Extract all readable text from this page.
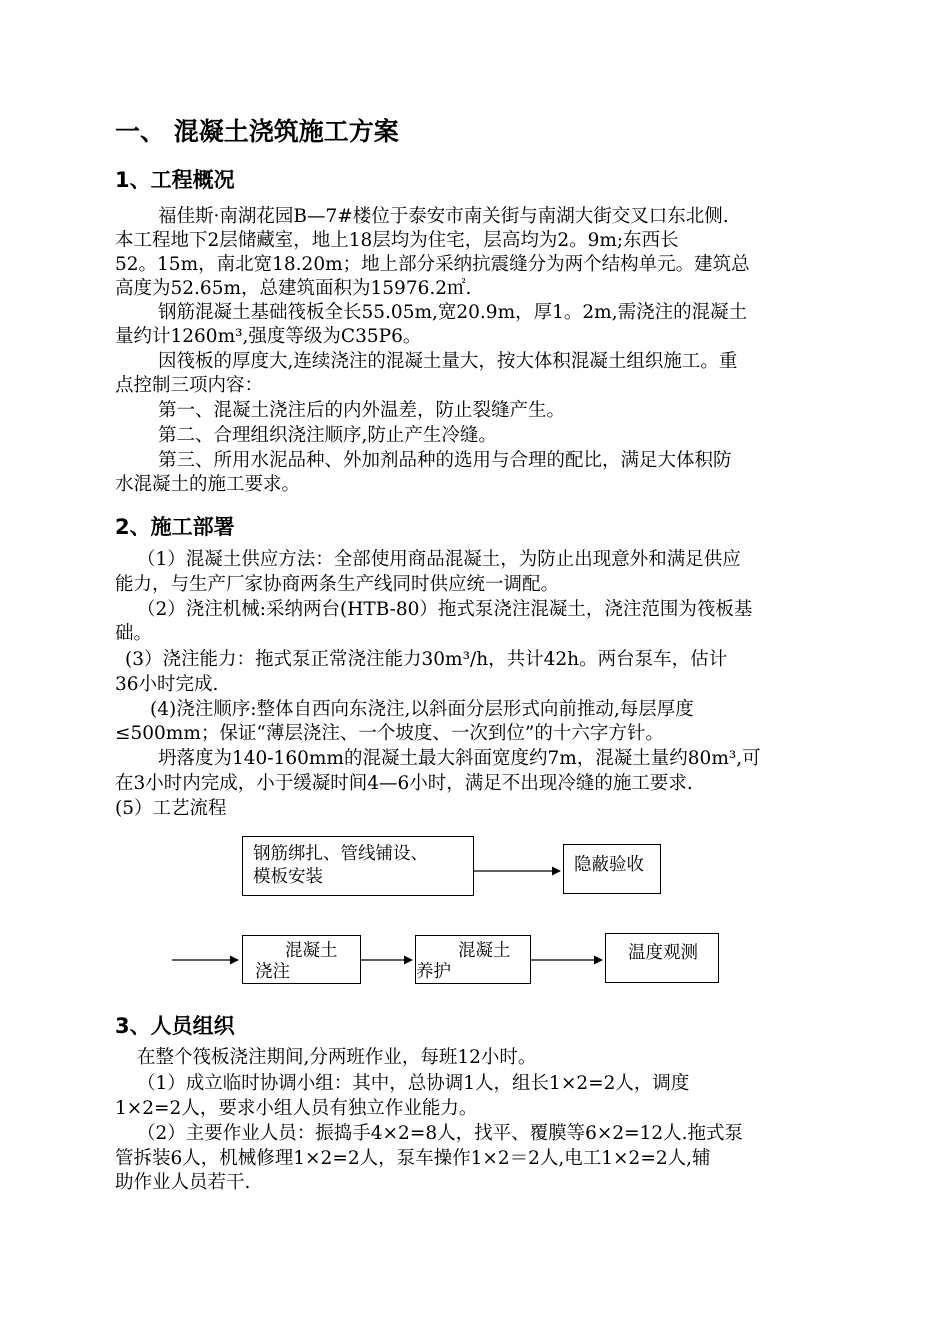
一、 混凝土浇筑施工方案
1、工程概况
福佳斯·南湖花园B—7#楼位于泰安市南关街与南湖大街交叉口东北侧.
本工程地下2层储藏室，地上18层均为住宅，层高均为2。9m;东西长
52。15m，南北宽18.20m；地上部分采纳抗震缝分为两个结构单元。建筑总
高度为52.65m，总建筑面积为15976.2㎡.
钢筋混凝土基础筏板全长55.05m,宽20.9m，厚1。2m,需浇注的混凝土
量约计1260m³,强度等级为C35P6。
因筏板的厚度大,连续浇注的混凝土量大，按大体积混凝土组织施工。重
点控制三项内容：
第一、混凝土浇注后的内外温差，防止裂缝产生。
第二、合理组织浇注顺序,防止产生冷缝。
第三、所用水泥品种、外加剂品种的选用与合理的配比，满足大体积防
水混凝土的施工要求。
2、施工部署
（1）混凝土供应方法：全部使用商品混凝土，为防止出现意外和满足供应
能力，与生产厂家协商两条生产线同时供应统一调配。
（2）浇注机械:采纳两台(HTB-80）拖式泵浇注混凝土，浇注范围为筏板基
础。
(3）浇注能力：拖式泵正常浇注能力30m³/h，共计42h。两台泵车，估计
36小时完成.
(4)浇注顺序:整体自西向东浇注,以斜面分层形式向前推动,每层厚度
≤500mm；保证“薄层浇注、一个坡度、一次到位”的十六字方针。
坍落度为140-160mm的混凝土最大斜面宽度约7m，混凝土量约80m³,可
在3小时内完成，小于缓凝时间4—6小时，满足不出现冷缝的施工要求.
(5）工艺流程
钢筋绑扎、管线铺设、
模板安装
隐蔽验收
混凝土
浇注
混凝土
养护
温度观测
3、人员组织
在整个筏板浇注期间,分两班作业，每班12小时。
（1）成立临时协调小组：其中，总协调1人，组长1×2=2人，调度
1×2=2人，要求小组人员有独立作业能力。
（2）主要作业人员：振捣手4×2=8人，找平、覆膜等6×2=12人.拖式泵
管拆装6人，机械修理1×2=2人，泵车操作1×2＝2人,电工1×2=2人,辅
助作业人员若干.
